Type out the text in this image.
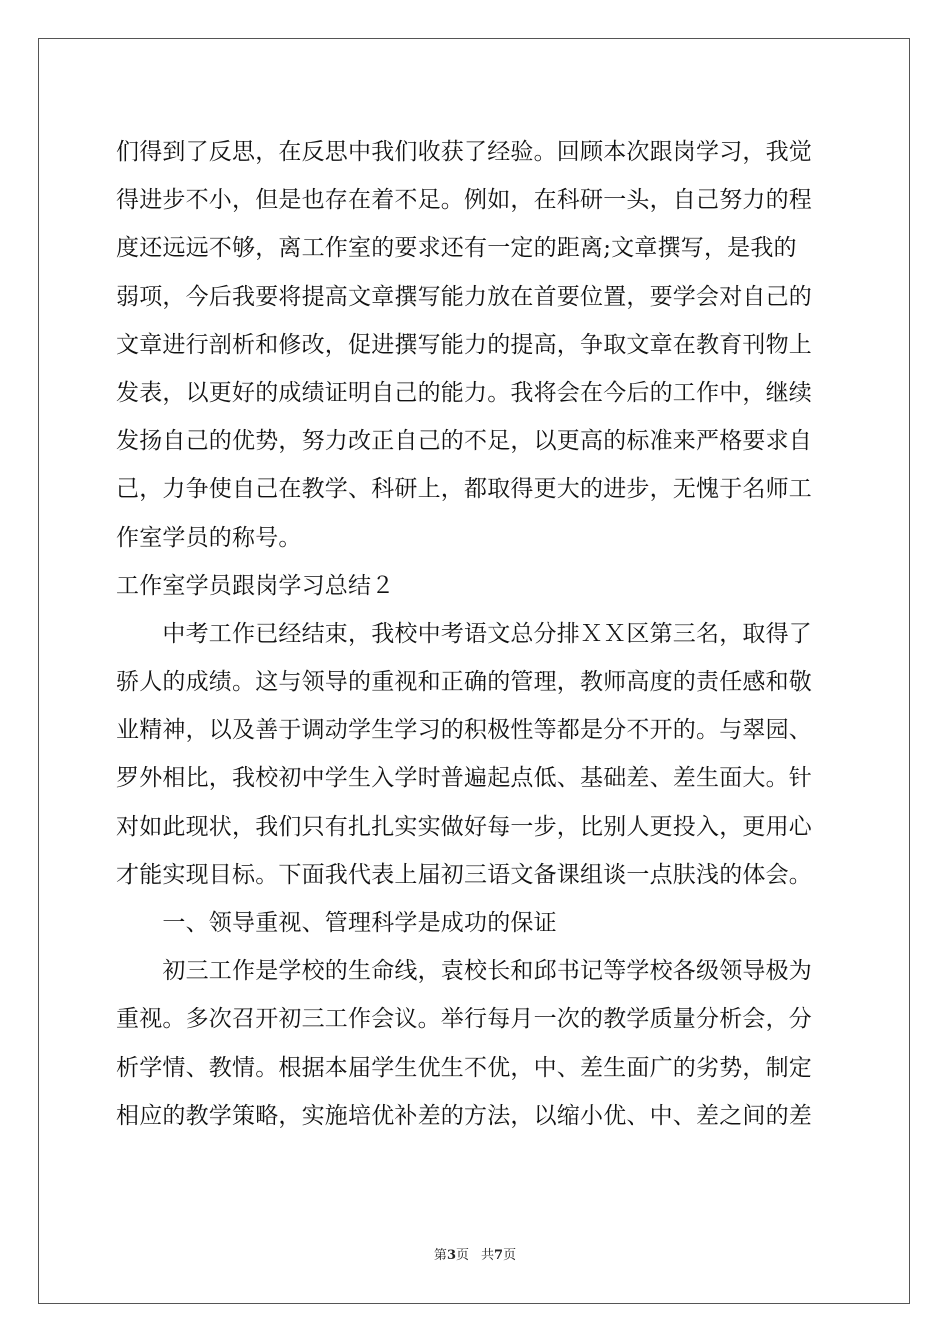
们得到了反思，在反思中我们收获了经验。回顾本次跟岗学习，我觉
得进步不小，但是也存在着不足。例如，在科研一头，自己努力的程
度还远远不够，离工作室的要求还有一定的距离;文章撰写，是我的
弱项，今后我要将提高文章撰写能力放在首要位置，要学会对自己的
文章进行剖析和修改，促进撰写能力的提高，争取文章在教育刊物上
发表，以更好的成绩证明自己的能力。我将会在今后的工作中，继续
发扬自己的优势，努力改正自己的不足，以更高的标准来严格要求自
己，力争使自己在教学、科研上，都取得更大的进步，无愧于名师工
作室学员的称号。
工作室学员跟岗学习总结２
　　中考工作已经结束，我校中考语文总分排ＸＸ区第三名，取得了
骄人的成绩。这与领导的重视和正确的管理，教师高度的责任感和敬
业精神，以及善于调动学生学习的积极性等都是分不开的。与翠园、
罗外相比，我校初中学生入学时普遍起点低、基础差、差生面大。针
对如此现状，我们只有扎扎实实做好每一步，比别人更投入，更用心
才能实现目标。下面我代表上届初三语文备课组谈一点肤浅的体会。
　　一、领导重视、管理科学是成功的保证
　　初三工作是学校的生命线，袁校长和邱书记等学校各级领导极为
重视。多次召开初三工作会议。举行每月一次的教学质量分析会，分
析学情、教情。根据本届学生优生不优，中、差生面广的劣势，制定
相应的教学策略，实施培优补差的方法，以缩小优、中、差之间的差
第3页 共7页
